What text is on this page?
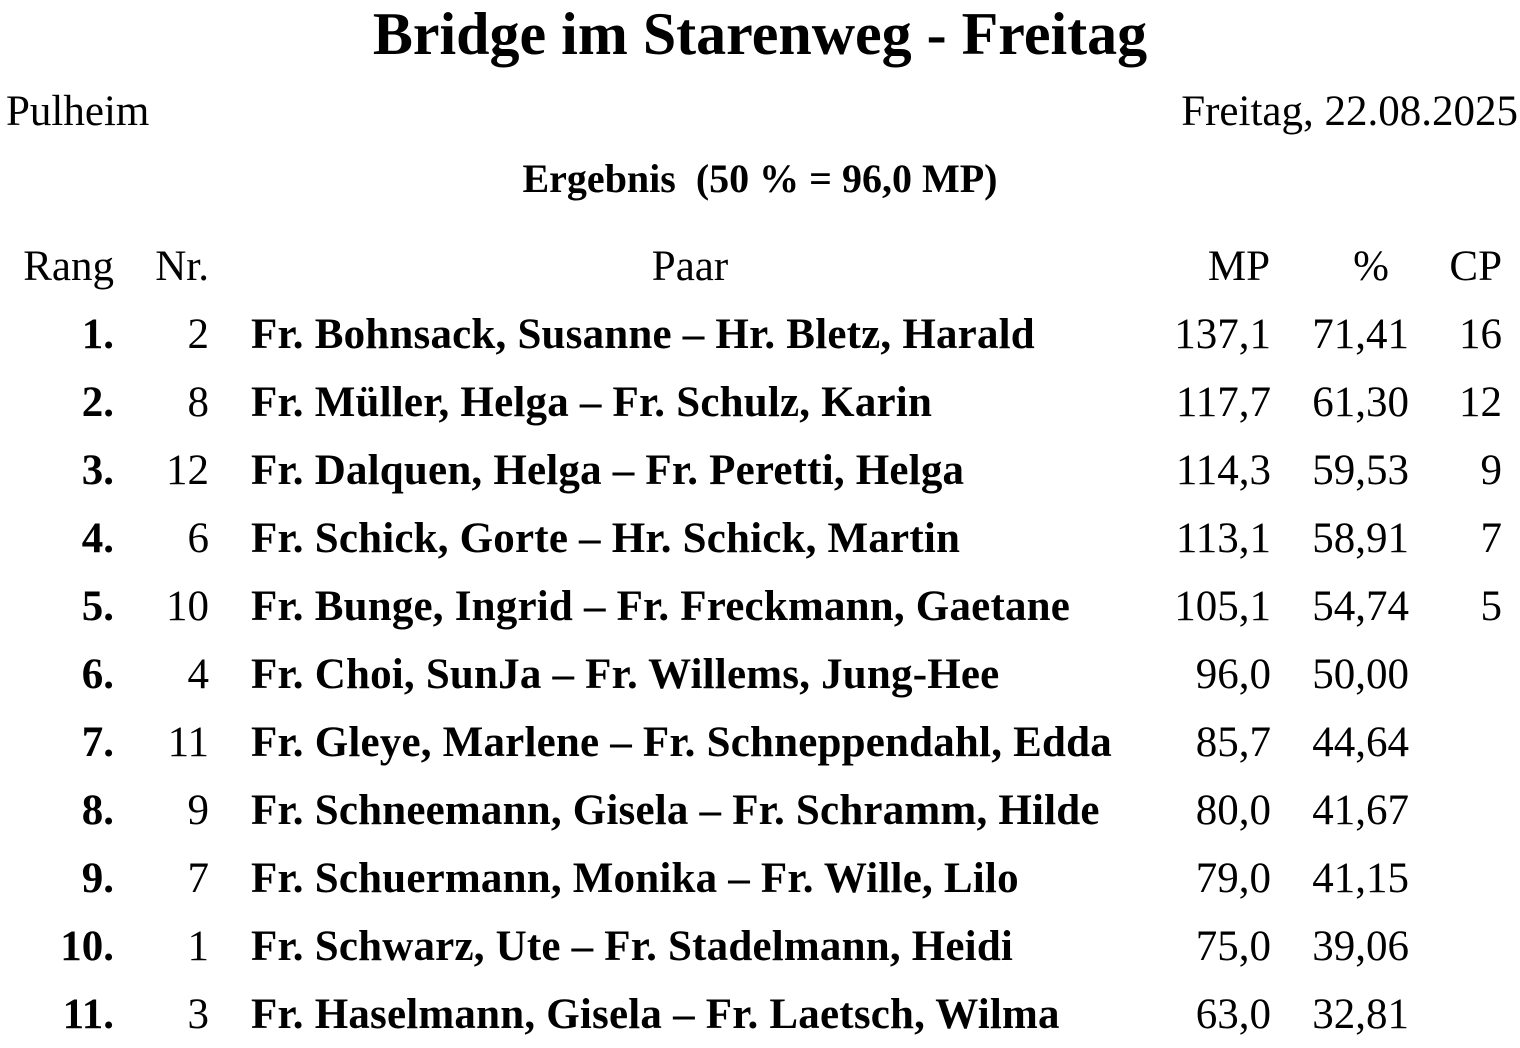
Bridge im Starenweg - Freitag
Pulheim	Freitag, 22.08.2025
Ergebnis  (50 % = 96,0 MP)
Rang Nr.	Paar	MP % CP
1. 2 Fr. Bohnsack, Susanne ‒ Hr. Bletz, Harald	137,1 71,41 16
2. 8 Fr. Müller, Helga ‒ Fr. Schulz, Karin	117,7 61,30 12
3. 12 Fr. Dalquen, Helga ‒ Fr. Peretti, Helga	114,3 59,53 9
4. 6 Fr. Schick, Gorte ‒ Hr. Schick, Martin	113,1 58,91 7
5. 10 Fr. Bunge, Ingrid ‒ Fr. Freckmann, Gaetane 105,1 54,74 5
6. 4 Fr. Choi, SunJa ‒ Fr. Willems, Jung-Hee	96,0 50,00
7. 11 Fr. Gleye, Marlene ‒ Fr. Schneppendahl, Edda 85,7 44,64
8. 9 Fr. Schneemann, Gisela ‒ Fr. Schramm, Hilde 80,0 41,67
9. 7 Fr. Schuermann, Monika ‒ Fr. Wille, Lilo	79,0 41,15
10. 1 Fr. Schwarz, Ute ‒ Fr. Stadelmann, Heidi	75,0 39,06
11. 3 Fr. Haselmann, Gisela ‒ Fr. Laetsch, Wilma	63,0 32,81
